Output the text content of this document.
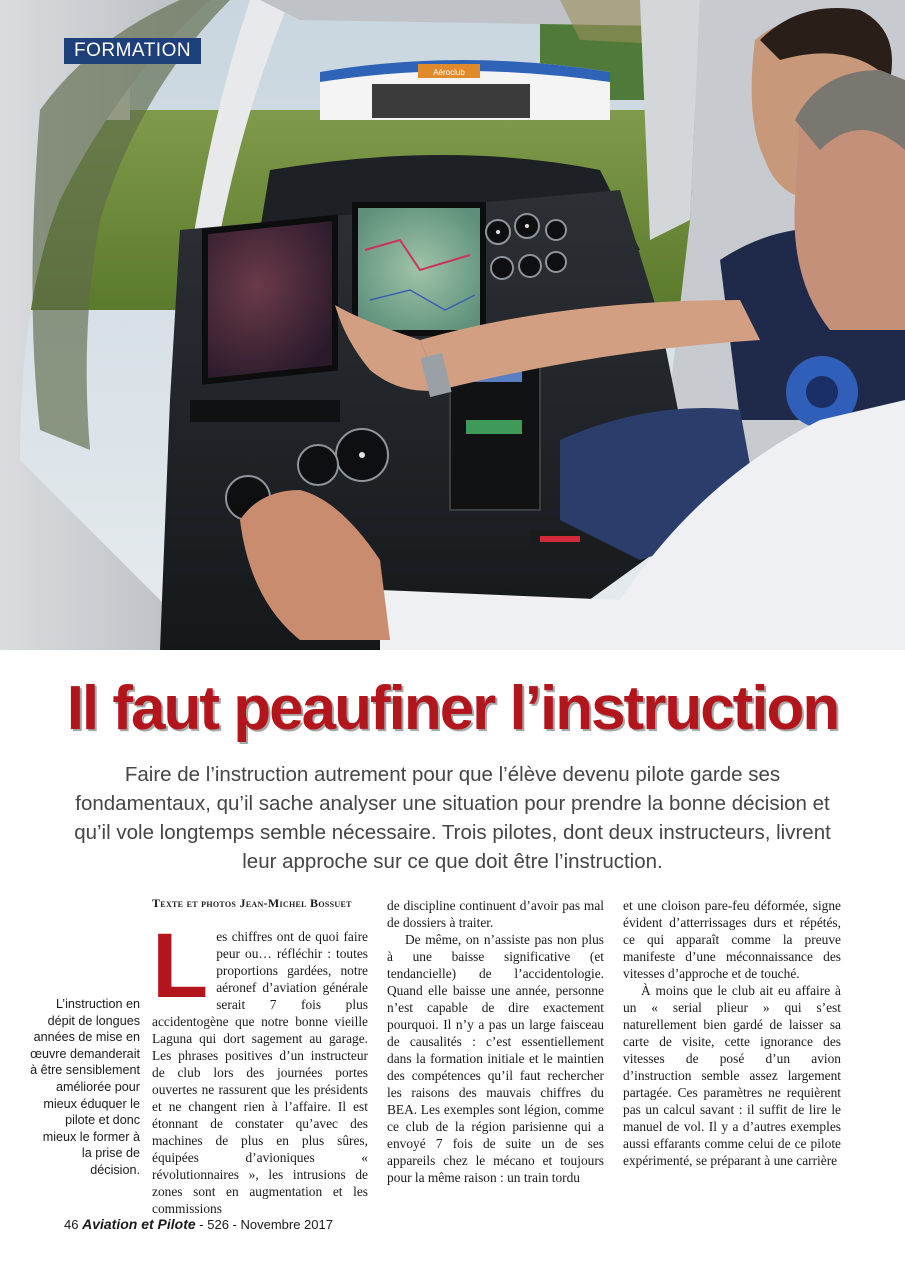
Aéroclub
FORMATION
Il faut peaufiner l’instruction

Faire de l’instruction autrement pour que l’élève devenu pilote garde ses fondamentaux, qu’il sache analyser une situation pour prendre la bonne décision et qu’il vole longtemps semble nécessaire. Trois pilotes, dont deux instructeurs, livrent leur approche sur ce que doit être l’instruction.

Texte et photos Jean-Michel Bossuet

L’instruction en dépit de longues années de mise en œuvre demanderait à être sensiblement améliorée pour mieux éduquer le pilote et donc mieux le former à la prise de décision.

Les chiffres ont de quoi faire peur ou… réfléchir : toutes proportions gardées, notre aéronef d’aviation générale serait 7 fois plus accidentogène que notre bonne vieille Laguna qui dort sagement au garage. Les phrases positives d’un instructeur de club lors des journées portes ouvertes ne rassurent que les présidents et ne changent rien à l’affaire. Il est étonnant de constater qu’avec des machines de plus en plus sûres, équipées d’avioniques « révolutionnaires », les intrusions de zones sont en augmentation et les commissions

de discipline continuent d’avoir pas mal de dossiers à traiter.

De même, on n’assiste pas non plus à une baisse significative (et tendancielle) de l’accidentologie. Quand elle baisse une année, personne n’est capable de dire exactement pourquoi. Il n’y a pas un large faisceau de causalités : c’est essentiellement dans la formation initiale et le maintien des compétences qu’il faut rechercher les raisons des mauvais chiffres du BEA. Les exemples sont légion, comme ce club de la région parisienne qui a envoyé 7 fois de suite un de ses appareils chez le mécano et toujours pour la même raison : un train tordu

et une cloison pare-feu déformée, signe évident d’atterrissages durs et répétés, ce qui apparaît comme la preuve manifeste d’une méconnaissance des vitesses d’approche et de touché.

À moins que le club ait eu affaire à un « serial plieur » qui s’est naturellement bien gardé de laisser sa carte de visite, cette ignorance des vitesses de posé d’un avion d’instruction semble assez largement partagée. Ces paramètres ne requièrent pas un calcul savant : il suffit de lire le manuel de vol. Il y a d’autres exemples aussi effarants comme celui de ce pilote expérimenté, se préparant à une carrière

46 Aviation et Pilote - 526 - Novembre 2017
